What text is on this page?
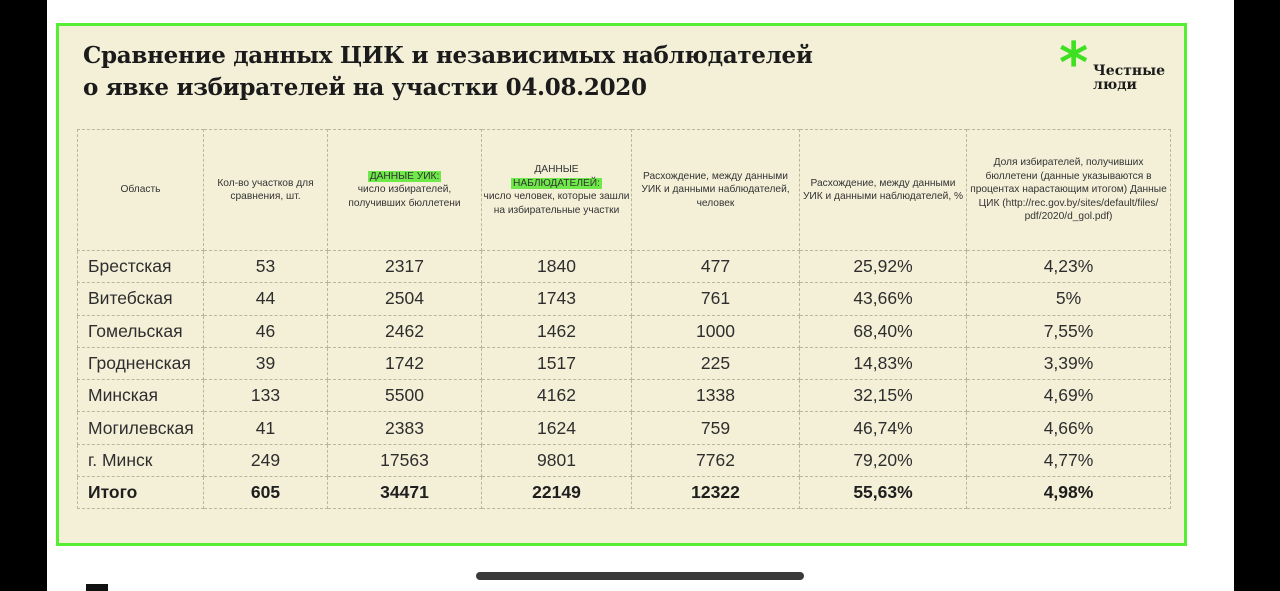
Сравнение данных ЦИК и независимых наблюдателей
о явке избирателей на участки 04.08.2020	* Честные
люди
Область	Кол-во участков для сравнения, шт.	ДАННЫЕ УИК:
число избирателей, получивших бюллетени	ДАННЫЕ
НАБЛЮДАТЕЛЕЙ:
число человек, которые зашли на избирательные участки	Расхождение, между данными УИК и данными наблюдателей, человек	Расхождение, между данными УИК и данными наблюдателей, %	Доля избирателей, получивших бюллетени (данные указываются в процентах нарастающим итогом) Данные ЦИК (http://rec.gov.by/sites/default/files/ pdf/2020/d_gol.pdf)
Брестская	53	2317	1840	477	25,92%	4,23%
Витебская	44	2504	1743	761	43,66%	5%
Гомельская	46	2462	1462	1000	68,40%	7,55%
Гродненская	39	1742	1517	225	14,83%	3,39%
Минская	133	5500	4162	1338	32,15%	4,69%
Могилевская	41	2383	1624	759	46,74%	4,66%
г. Минск	249	17563	9801	7762	79,20%	4,77%
Итого	605	34471	22149	12322	55,63%	4,98%
